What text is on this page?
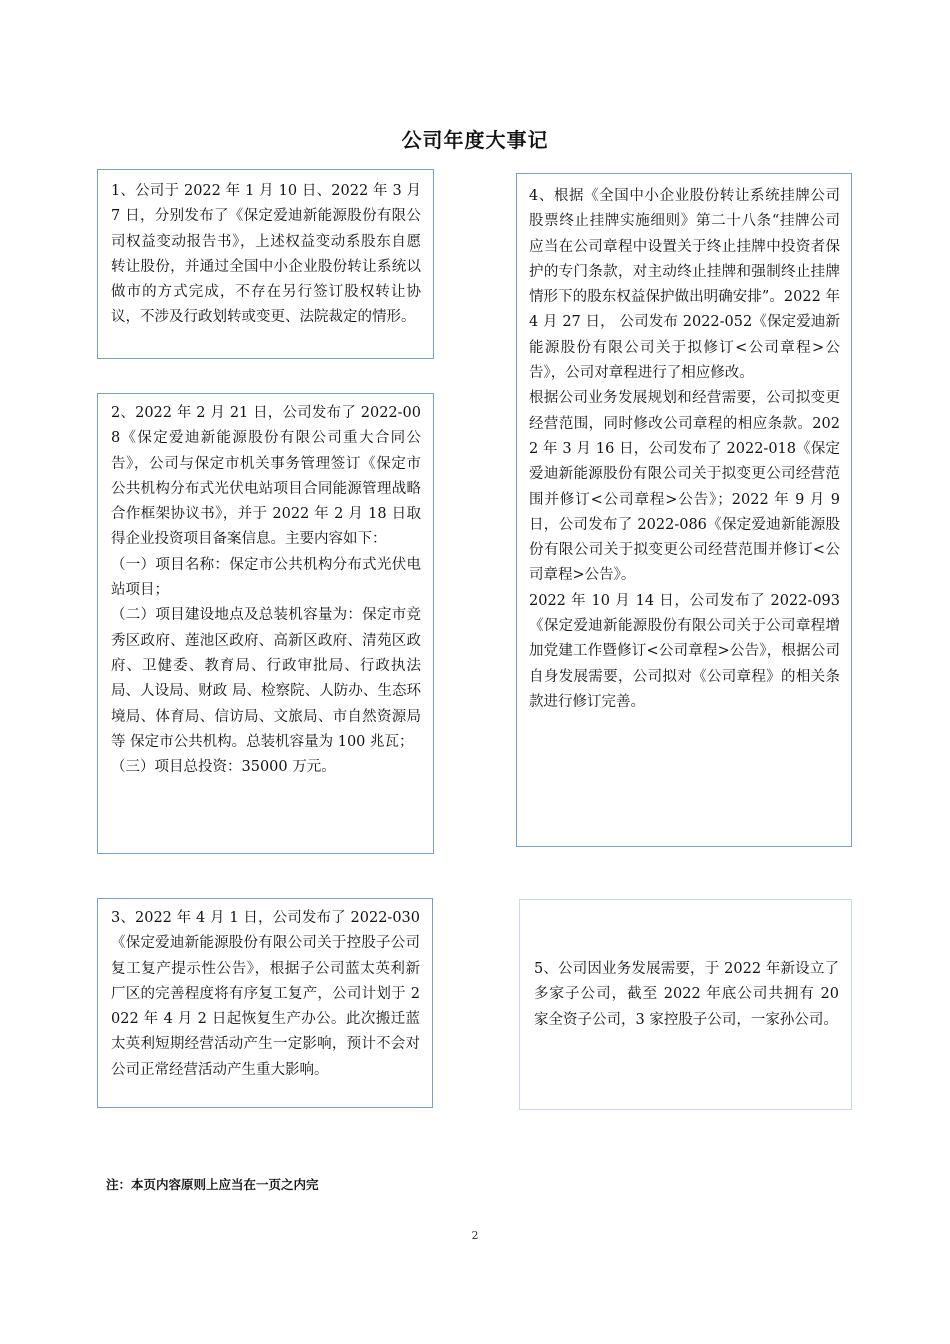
公司年度大事记

1、公司于 2022 年 1 月 10 日、2022 年 3 月 7 日，分别发布了《保定爱迪新能源股份有限公司权益变动报告书》，上述权益变动系股东自愿转让股份，并通过全国中小企业股份转让系统以做市的方式完成，不存在另行签订股权转让协议，不涉及行政划转或变更、法院裁定的情形。

2、2022 年 2 月 21 日，公司发布了 2022-008《保定爱迪新能源股份有限公司重大合同公告》，公司与保定市机关事务管理签订《保定市公共机构分布式光伏电站项目合同能源管理战略合作框架协议书》，并于 2022 年 2 月 18 日取得企业投资项目备案信息。主要内容如下：

（一）项目名称：保定市公共机构分布式光伏电站项目；

（二）项目建设地点及总装机容量为：保定市竞秀区政府、莲池区政府、高新区政府、清苑区政府、卫健委、教育局、行政审批局、行政执法局、人设局、财政 局、检察院、人防办、生态环境局、体育局、信访局、文旅局、市自然资源局等 保定市公共机构。总装机容量为 100 兆瓦；

（三）项目总投资：35000 万元。

3、2022 年 4 月 1 日，公司发布了 2022-030《保定爱迪新能源股份有限公司关于控股子公司复工复产提示性公告》，根据子公司蓝太英利新厂区的完善程度将有序复工复产，公司计划于 2022 年 4 月 2 日起恢复生产办公。此次搬迁蓝太英利短期经营活动产生一定影响，预计不会对公司正常经营活动产生重大影响。

4、根据《全国中小企业股份转让系统挂牌公司股票终止挂牌实施细则》第二十八条“挂牌公司应当在公司章程中设置关于终止挂牌中投资者保护的专门条款，对主动终止挂牌和强制终止挂牌情形下的股东权益保护做出明确安排”。2022 年 4 月 27 日， 公司发布 2022-052《保定爱迪新能源股份有限公司关于拟修订<公司章程>公告》，公司对章程进行了相应修改。

根据公司业务发展规划和经营需要，公司拟变更经营范围，同时修改公司章程的相应条款。2022 年 3 月 16 日，公司发布了 2022-018《保定爱迪新能源股份有限公司关于拟变更公司经营范围并修订<公司章程>公告》；2022 年 9 月 9 日，公司发布了 2022-086《保定爱迪新能源股份有限公司关于拟变更公司经营范围并修订<公司章程>公告》。

2022 年 10 月 14 日，公司发布了 2022-093《保定爱迪新能源股份有限公司关于公司章程增加党建工作暨修订<公司章程>公告》，根据公司自身发展需要，公司拟对《公司章程》的相关条款进行修订完善。

5、公司因业务发展需要，于 2022 年新设立了多家子公司，截至 2022 年底公司共拥有 20 家全资子公司，3 家控股子公司，一家孙公司。

注：本页内容原则上应当在一页之内完
2
